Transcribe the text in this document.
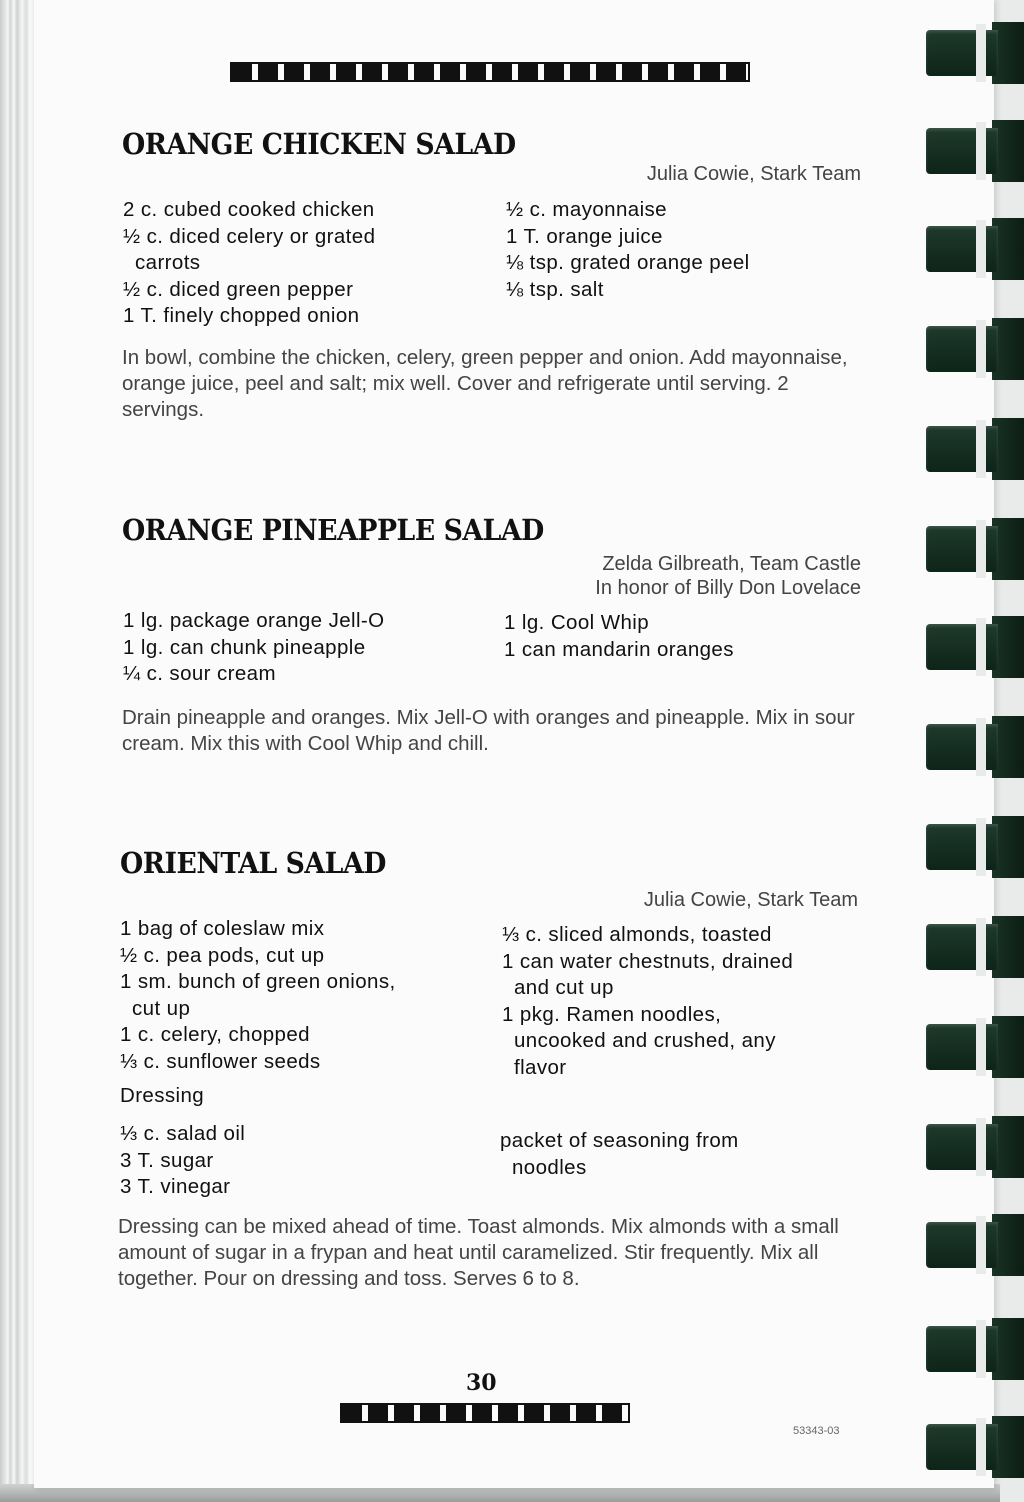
ORANGE CHICKEN SALAD
Julia Cowie, Stark Team
2 c. cubed cooked chicken
½ c. diced celery or grated
carrots
½ c. diced green pepper
1 T. finely chopped onion
½ c. mayonnaise
1 T. orange juice
⅛ tsp. grated orange peel
⅛ tsp. salt

In bowl, combine the chicken, celery, green pepper and onion. Add mayonnaise, orange juice, peel and salt; mix well. Cover and refrigerate until serving. 2 servings.

ORANGE PINEAPPLE SALAD
Zelda Gilbreath, Team Castle
In honor of Billy Don Lovelace
1 lg. package orange Jell-O
1 lg. can chunk pineapple
¼ c. sour cream
1 lg. Cool Whip
1 can mandarin oranges

Drain pineapple and oranges. Mix Jell-O with oranges and pineapple. Mix in sour cream. Mix this with Cool Whip and chill.

ORIENTAL SALAD
Julia Cowie, Stark Team
1 bag of coleslaw mix
½ c. pea pods, cut up
1 sm. bunch of green onions,
cut up
1 c. celery, chopped
⅓ c. sunflower seeds
⅓ c. sliced almonds, toasted
1 can water chestnuts, drained
and cut up
1 pkg. Ramen noodles,
uncooked and crushed, any
flavor
Dressing
⅓ c. salad oil
3 T. sugar
3 T. vinegar
packet of seasoning from
noodles

Dressing can be mixed ahead of time. Toast almonds. Mix almonds with a small amount of sugar in a frypan and heat until caramelized. Stir frequently. Mix all together. Pour on dressing and toss. Serves 6 to 8.

30
53343-03
